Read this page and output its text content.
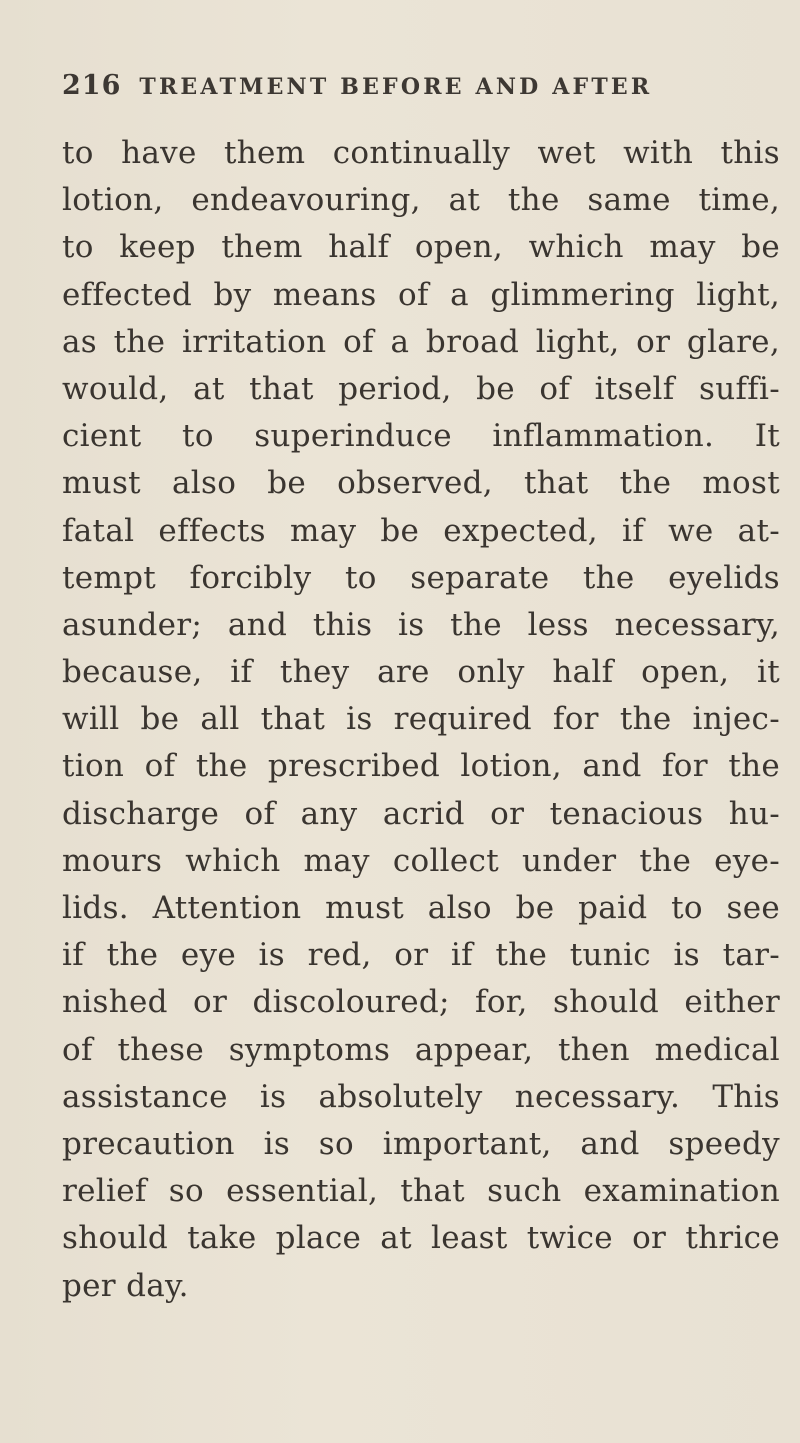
216 TREATMENT BEFORE AND AFTER
to have them continually wet with this
lotion, endeavouring, at the same time,
to keep them half open, which may be
effected by means of a glimmering light,
as the irritation of a broad light, or glare,
would, at that period, be of itself suffi-
cient to superinduce inflammation. It
must also be observed, that the most
fatal effects may be expected, if we at-
tempt forcibly to separate the eyelids
asunder; and this is the less necessary,
because, if they are only half open, it
will be all that is required for the injec-
tion of the prescribed lotion, and for the
discharge of any acrid or tenacious hu-
mours which may collect under the eye-
lids. Attention must also be paid to see
if the eye is red, or if the tunic is tar-
nished or discoloured; for, should either
of these symptoms appear, then medical
assistance is absolutely necessary. This
precaution is so important, and speedy
relief so essential, that such examination
should take place at least twice or thrice
per day.
